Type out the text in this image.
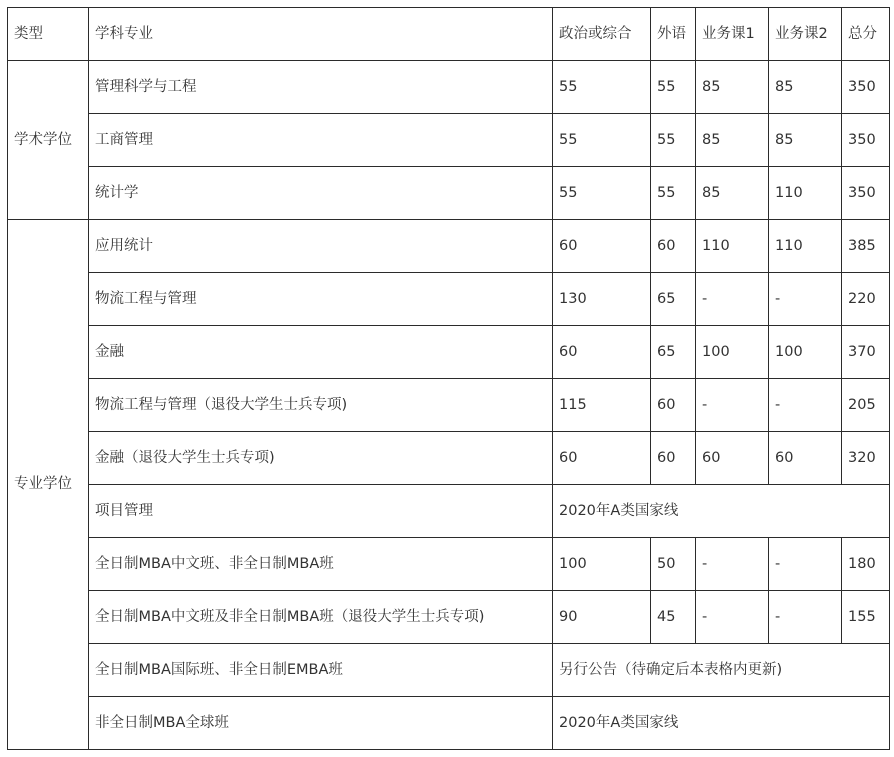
类型	学科专业	政治或综合	外语	业务课1	业务课2	总分
学术学位	管理科学与工程	55	55	85	85	350
	工商管理	55	55	85	85	350
	统计学	55	55	85	110	350
专业学位	应用统计	60	60	110	110	385
	物流工程与管理	130	65	-	-	220
	金融	60	65	100	100	370
	物流工程与管理（退役大学生士兵专项)	115	60	-	-	205
	金融（退役大学生士兵专项)	60	60	60	60	320
	项目管理	2020年A类国家线				
	全日制MBA中文班、非全日制MBA班	100	50	-	-	180
	全日制MBA中文班及非全日制MBA班（退役大学生士兵专项)	90	45	-	-	155
	全日制MBA国际班、非全日制EMBA班	另行公告（待确定后本表格内更新)				
	非全日制MBA全球班	2020年A类国家线				
